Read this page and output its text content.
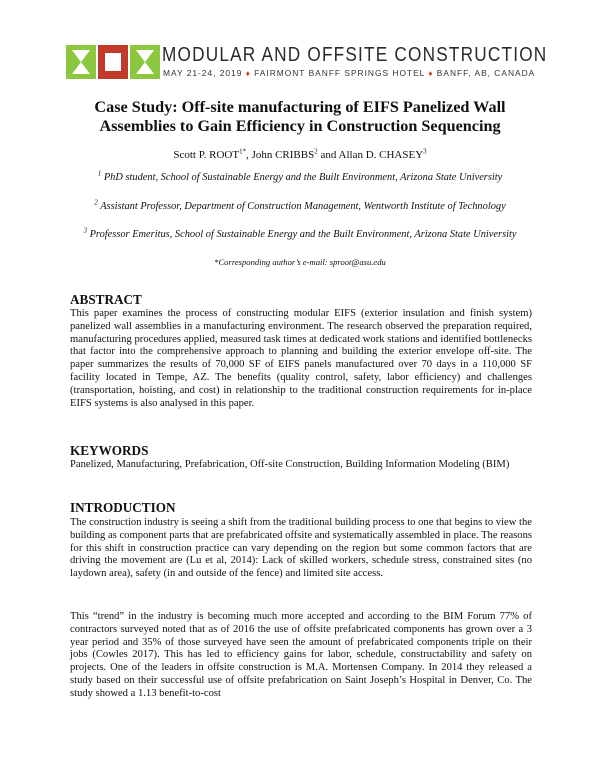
MODULAR AND OFFSITE CONSTRUCTION
MAY 21-24, 2019 ♦ FAIRMONT BANFF SPRINGS HOTEL ♦ BANFF, AB, CANADA
Case Study: Off-site manufacturing of EIFS Panelized Wall
Assemblies to Gain Efficiency in Construction Sequencing
Scott P. $ROOT^{1*}$, John CRIBBS$^2$ and Allan D. CHASEY$^3$
$^1$ PhD student, School of Sustainable Energy and the Built Environment, Arizona State University
$^2$ Assistant Professor, Department of Construction Management, Wentworth Institute of Technology
$^3$ Professor Emeritus, School of Sustainable Energy and the Built Environment, Arizona State University
*Corresponding author’s e-mail: sproot@asu.edu
ABSTRACT
This paper examines the process of constructing modular EIFS (exterior insulation and finish system) panelized wall assemblies in a manufacturing environment. The research observed the preparation required, manufacturing procedures applied, measured task times at dedicated work stations and identified bottlenecks that factor into the comprehensive approach to planning and building the exterior envelope off-site. The paper summarizes the results of 70,000 SF of EIFS panels manufactured over 70 days in a 110,000 SF facility located in Tempe, AZ. The benefits (quality control, safety, labor efficiency) and challenges (transportation, hoisting, and cost) in relationship to the traditional construction requirements for in-place EIFS systems is also analysed in this paper.
KEYWORDS
Panelized, Manufacturing, Prefabrication, Off-site Construction, Building Information Modeling (BIM)
INTRODUCTION
The construction industry is seeing a shift from the traditional building process to one that begins to view the building as component parts that are prefabricated offsite and systematically assembled in place. The reasons for this shift in construction practice can vary depending on the region but some common factors that are driving the movement are (Lu et al, 2014): Lack of skilled workers, schedule stress, constrained sites (no laydown area), safety (in and outside of the fence) and limited site access.
This “trend” in the industry is becoming much more accepted and according to the BIM Forum 77% of contractors surveyed noted that as of 2016 the use of offsite prefabricated components has grown over a 3 year period and 35% of those surveyed have seen the amount of prefabricated components triple on their jobs (Cowles 2017). This has led to efficiency gains for labor, schedule, constructability and safety on projects. One of the leaders in offsite construction is M.A. Mortensen Company. In 2014 they released a study based on their successful use of offsite prefabrication on Saint Joseph’s Hospital in Denver, Co. The study showed a 1.13 benefit-to-cost
